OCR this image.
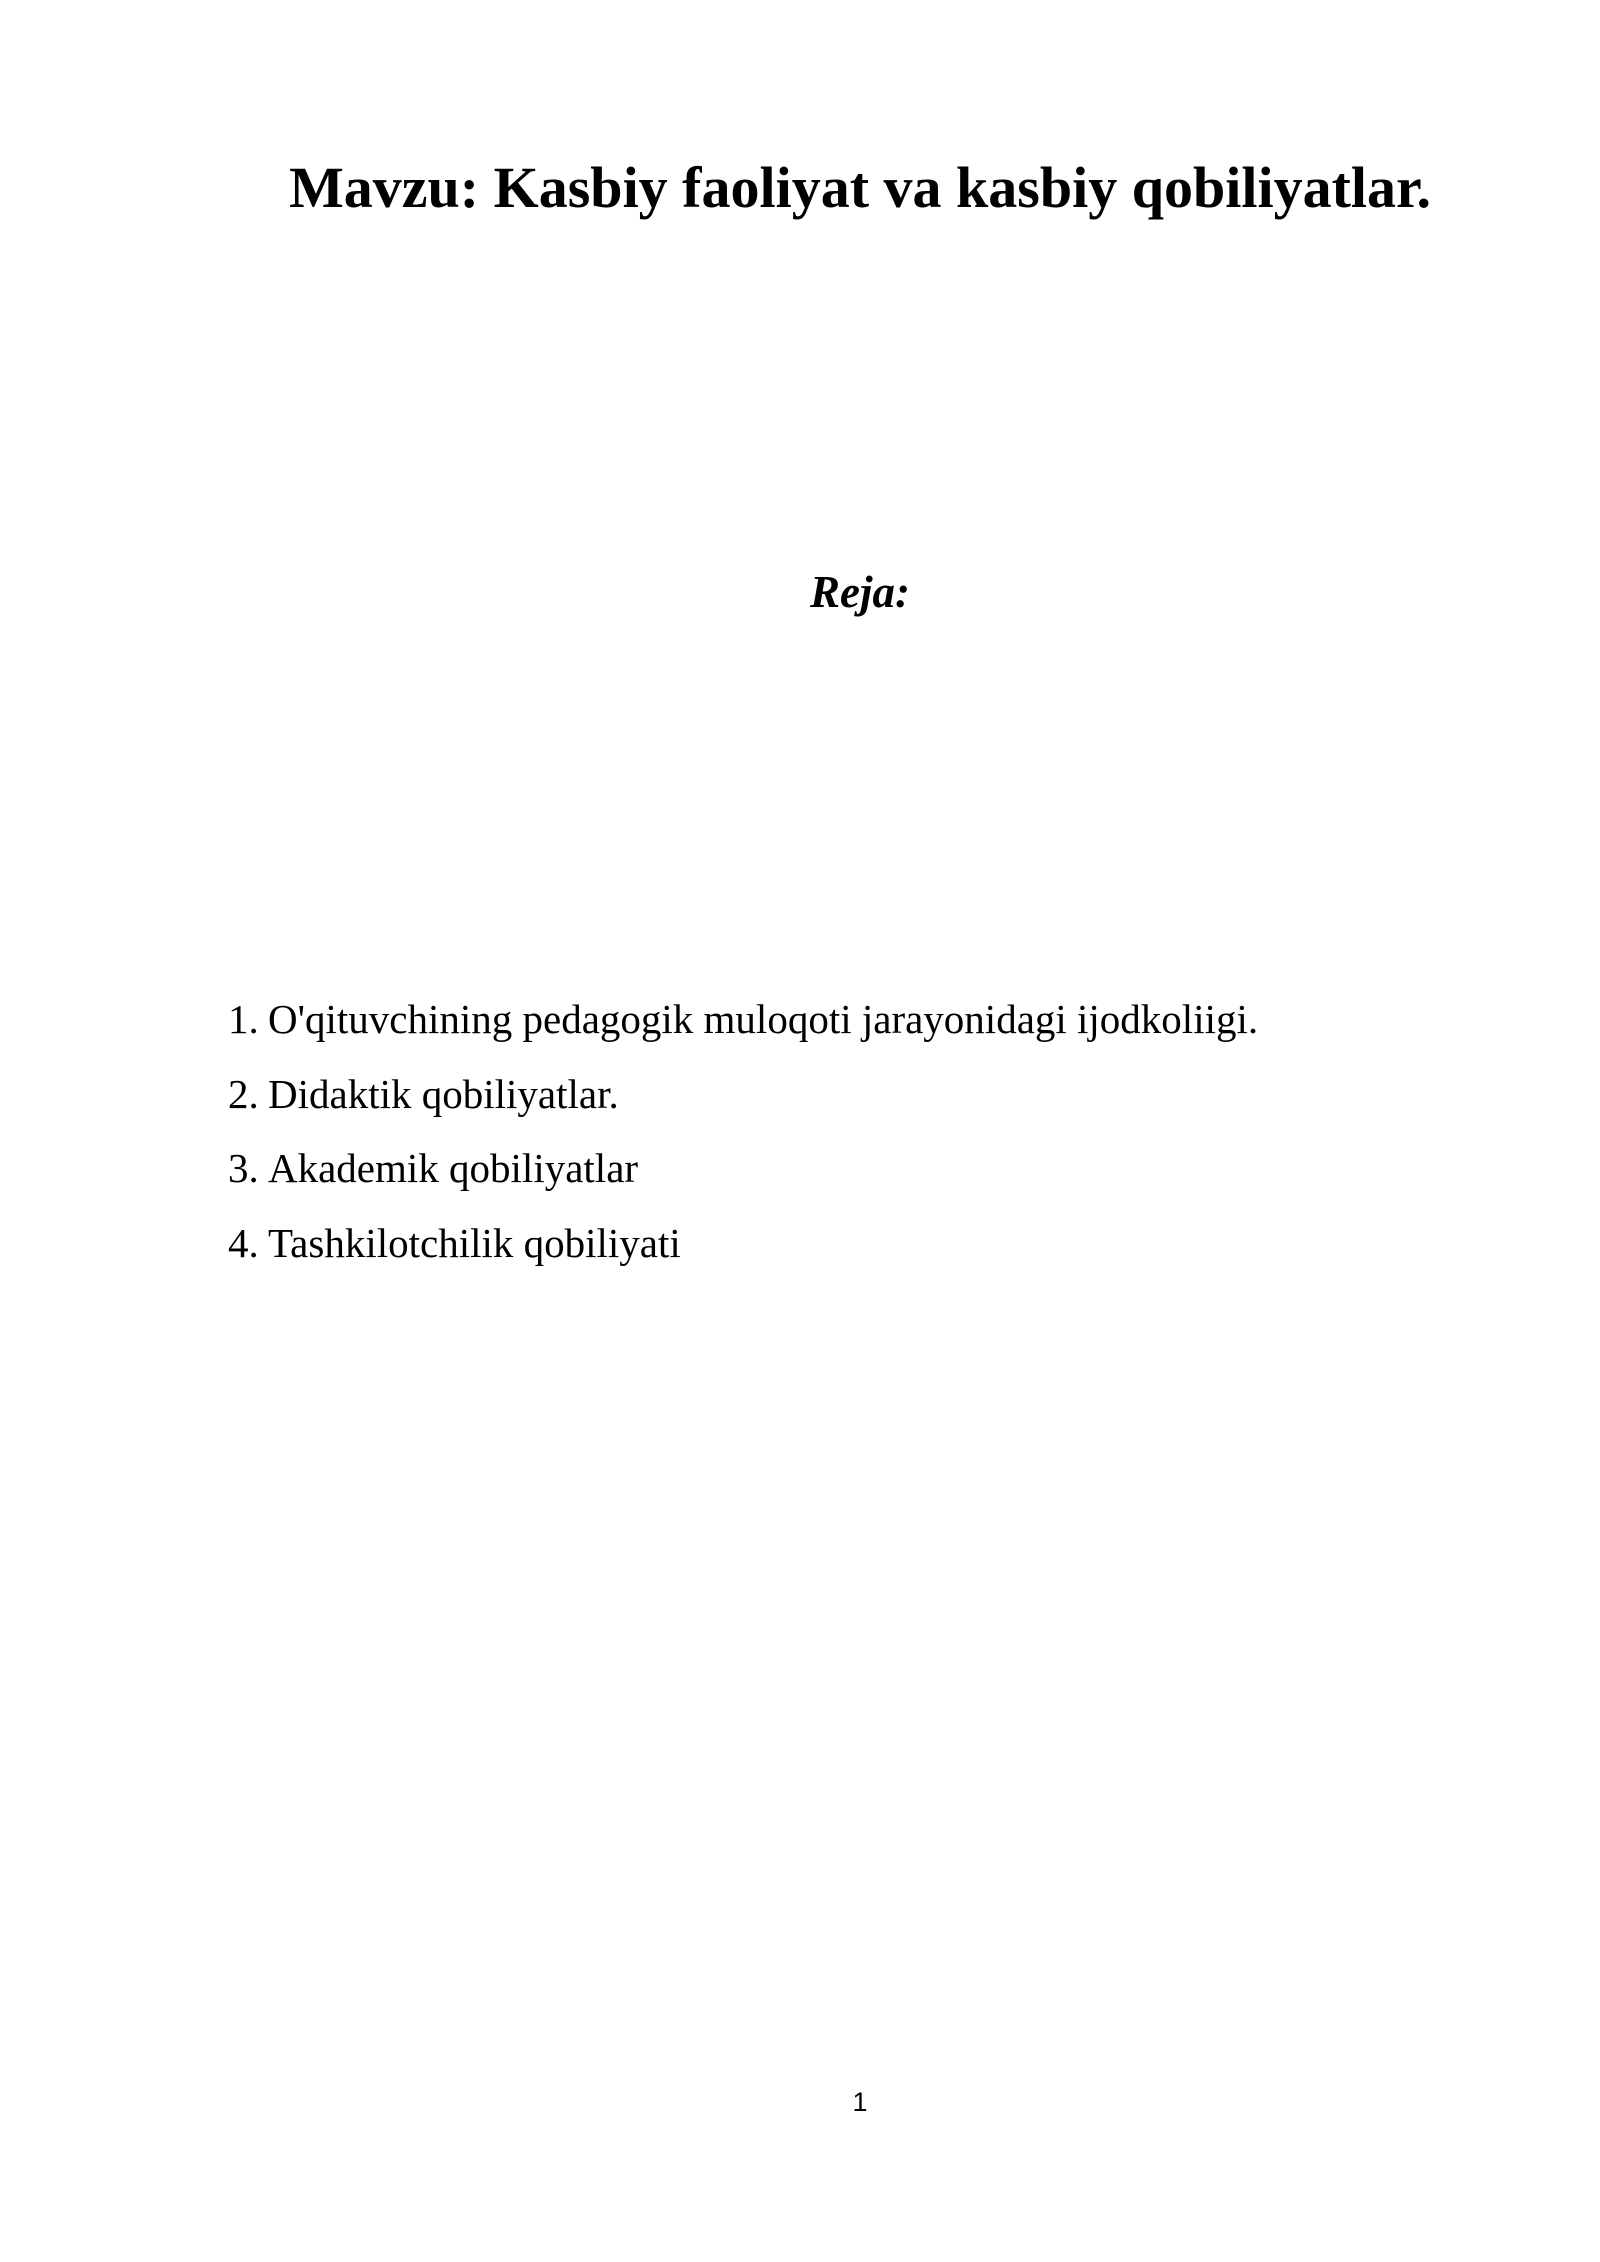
Mavzu: Kasbiy faoliyat va kasbiy qobiliyatlar.
Reja:
1. O'qituvchining pedagogik muloqoti jarayonidagi ijodkoliigi.
2. Didaktik qobiliyatlar.
3. Akademik qobiliyatlar
4. Tashkilotchilik qobiliyati
1
